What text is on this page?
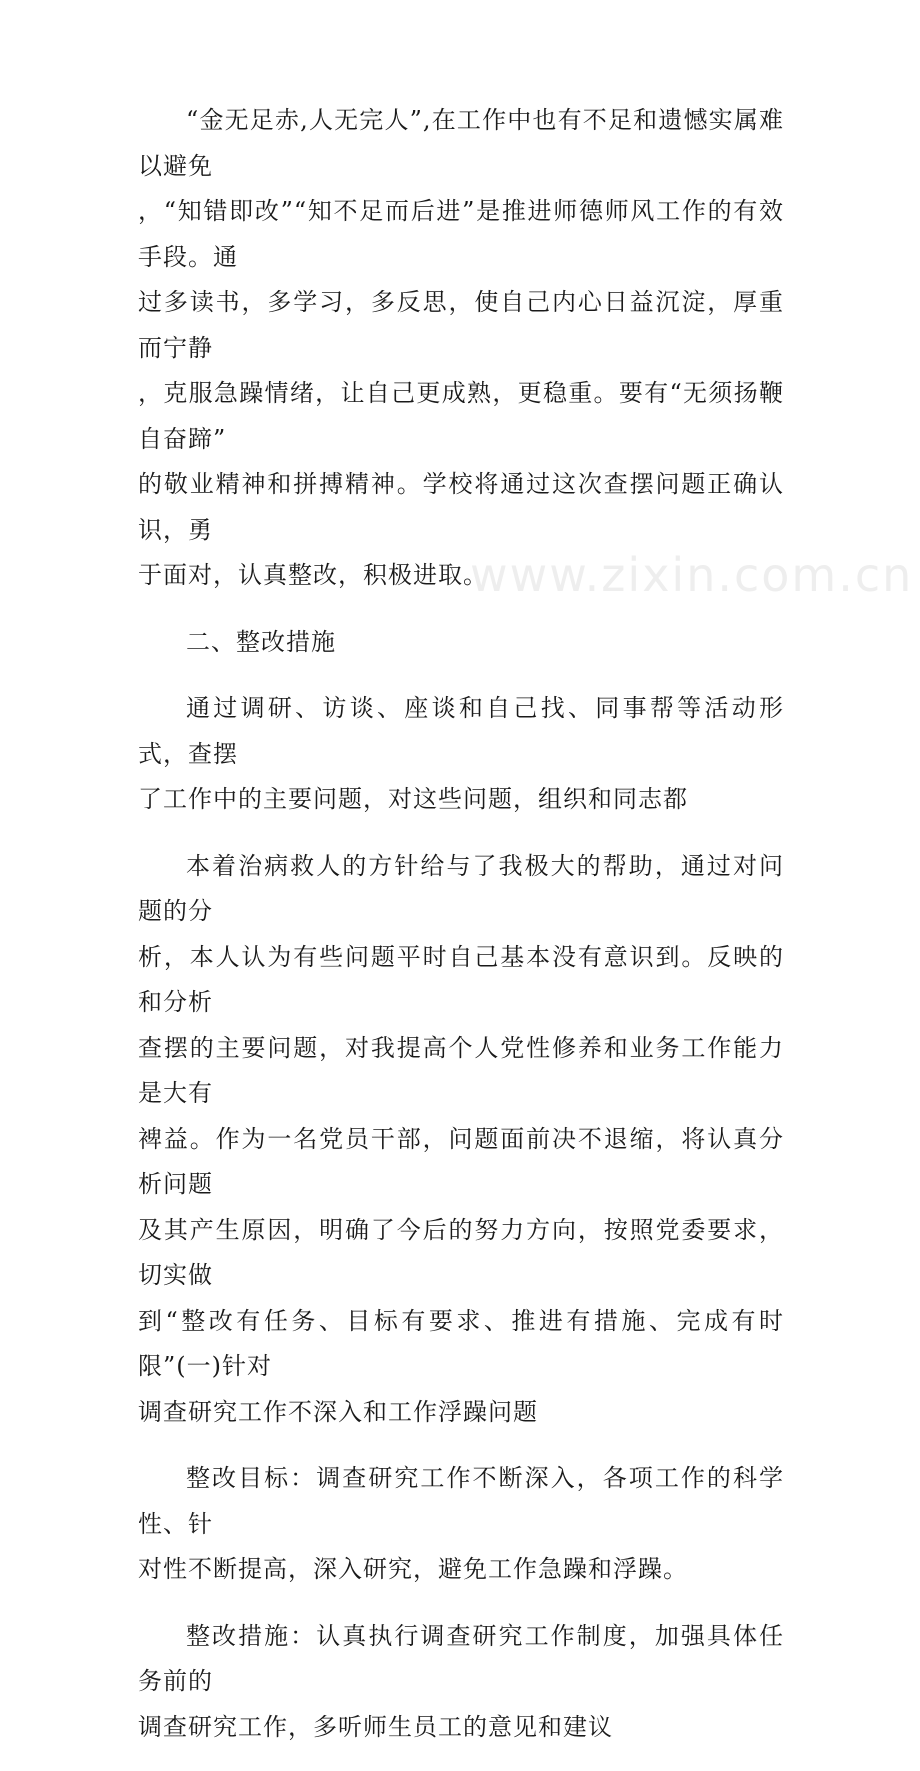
www.zixin.com.cn

“金无足赤,人无完人”,在工作中也有不足和遗憾实属难以避免
，“知错即改”“知不足而后进”是推进师德师风工作的有效手段。通
过多读书，多学习，多反思，使自己内心日益沉淀，厚重而宁静
，克服急躁情绪，让自己更成熟，更稳重。要有“无须扬鞭自奋蹄”
的敬业精神和拼搏精神。学校将通过这次查摆问题正确认识，勇
于面对，认真整改，积极进取。

二、整改措施

通过调研、访谈、座谈和自己找、同事帮等活动形式，查摆
了工作中的主要问题，对这些问题，组织和同志都

本着治病救人的方针给与了我极大的帮助，通过对问题的分
析，本人认为有些问题平时自己基本没有意识到。反映的和分析
查摆的主要问题，对我提高个人党性修养和业务工作能力是大有
裨益。作为一名党员干部，问题面前决不退缩，将认真分析问题
及其产生原因，明确了今后的努力方向，按照党委要求，切实做
到“整改有任务、目标有要求、推进有措施、完成有时限”(一)针对
调查研究工作不深入和工作浮躁问题

整改目标：调查研究工作不断深入，各项工作的科学性、针
对性不断提高，深入研究，避免工作急躁和浮躁。

整改措施：认真执行调查研究工作制度，加强具体任务前的
调查研究工作，多听师生员工的意见和建议
